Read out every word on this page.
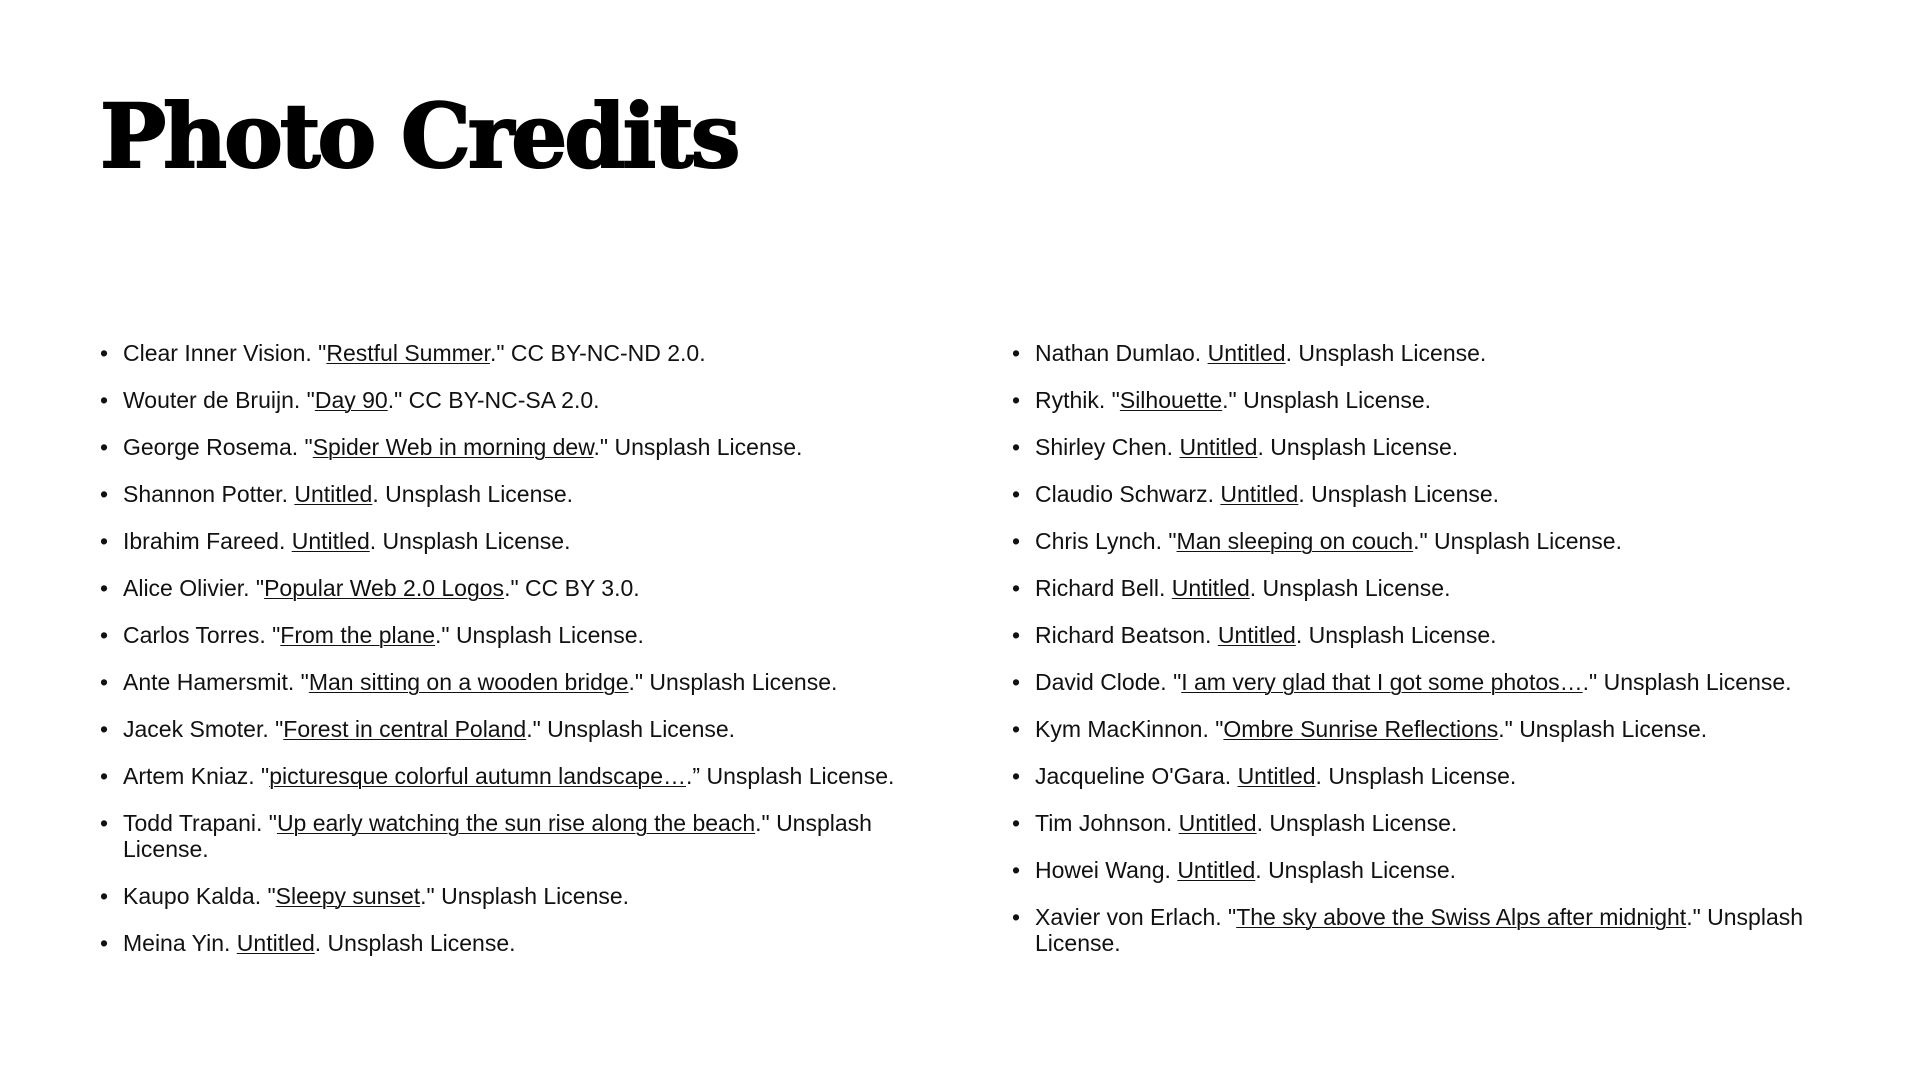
Photo Credits
• Clear Inner Vision. "Restful Summer." CC BY-NC-ND 2.0.
• Wouter de Bruijn. "Day 90." CC BY-NC-SA 2.0.
• George Rosema. "Spider Web in morning dew." Unsplash License.
• Shannon Potter. Untitled. Unsplash License.
• Ibrahim Fareed. Untitled. Unsplash License.
• Alice Olivier. "Popular Web 2.0 Logos." CC BY 3.0.
• Carlos Torres. "From the plane." Unsplash License.
• Ante Hamersmit. "Man sitting on a wooden bridge." Unsplash License.
• Jacek Smoter. "Forest in central Poland." Unsplash License.
• Artem Kniaz. "picturesque colorful autumn landscape….” Unsplash License.
• Todd Trapani. "Up early watching the sun rise along the beach." Unsplash License.
• Kaupo Kalda. "Sleepy sunset." Unsplash License.
• Meina Yin. Untitled. Unsplash License.
• Nathan Dumlao. Untitled. Unsplash License.
• Rythik. "Silhouette." Unsplash License.
• Shirley Chen. Untitled. Unsplash License.
• Claudio Schwarz. Untitled. Unsplash License.
• Chris Lynch. "Man sleeping on couch." Unsplash License.
• Richard Bell. Untitled. Unsplash License.
• Richard Beatson. Untitled. Unsplash License.
• David Clode. "I am very glad that I got some photos…." Unsplash License.
• Kym MacKinnon. "Ombre Sunrise Reflections." Unsplash License.
• Jacqueline O'Gara. Untitled. Unsplash License.
• Tim Johnson. Untitled. Unsplash License.
• Howei Wang. Untitled. Unsplash License.
• Xavier von Erlach. "The sky above the Swiss Alps after midnight." Unsplash License.
